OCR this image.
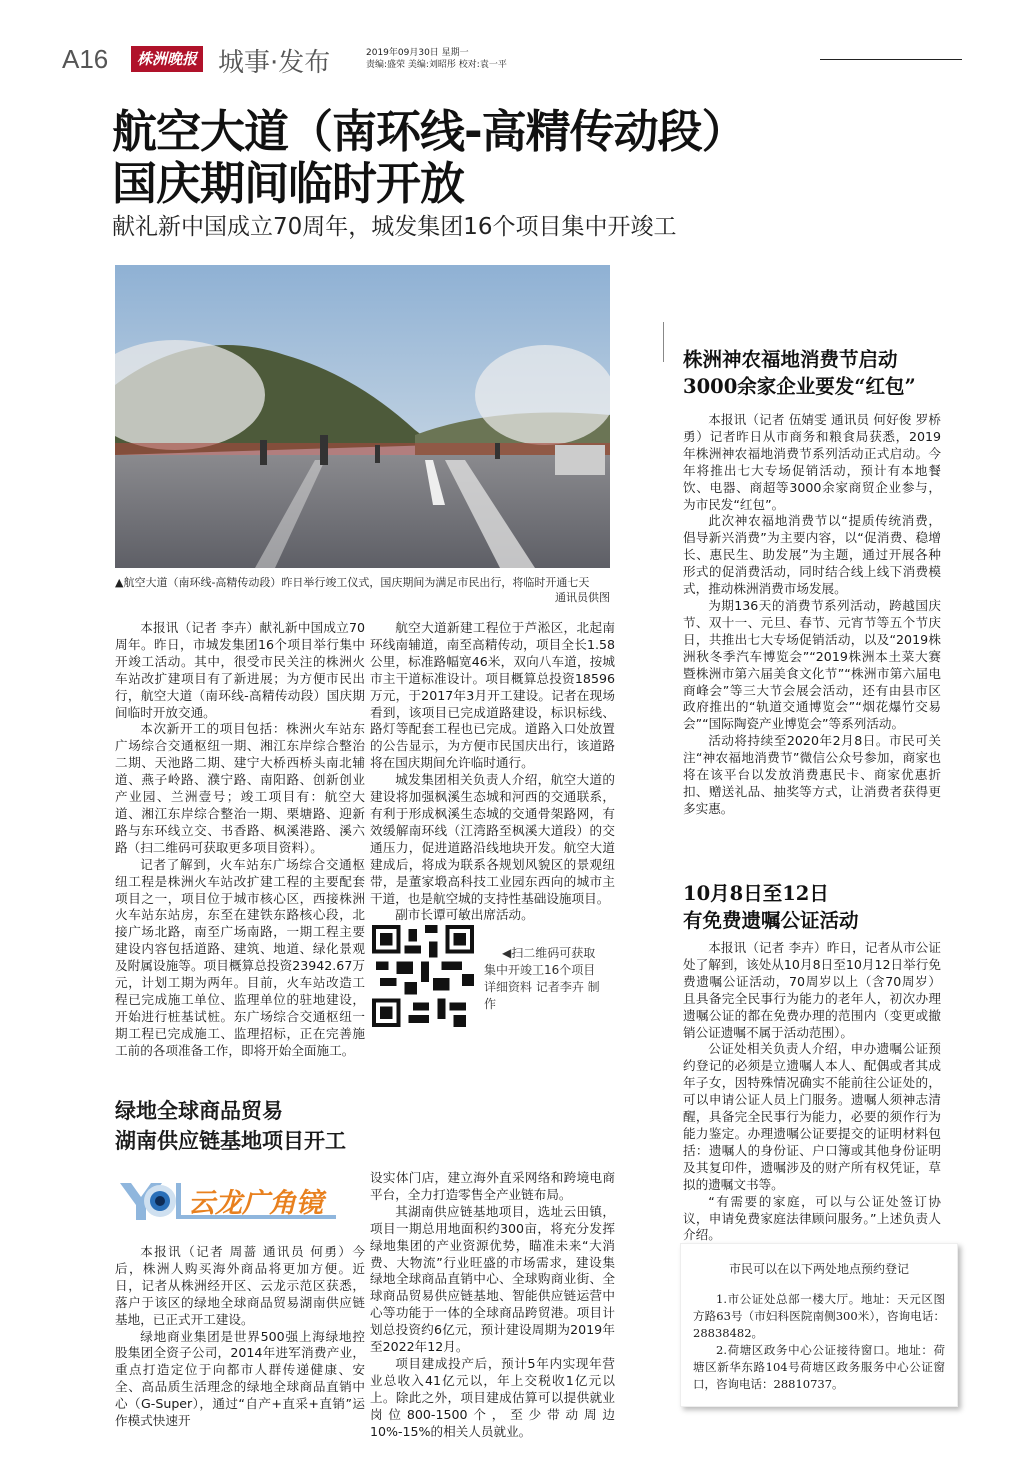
A16	株洲晚报 城事·发布	2019年09月30日 星期一
责编:盛荣 美编:刘昭彤 校对:袁一平
航空大道（南环线-高精传动段）
国庆期间临时开放
献礼新中国成立70周年，城发集团16个项目集中开竣工
▲航空大道（南环线-高精传动段）昨日举行竣工仪式，国庆期间为满足市民出行，将临时开通七天
通讯员供图

本报讯（记者 李卉）献礼新中国成立70周年。昨日，市城发集团16个项目举行集中开竣工活动。其中，很受市民关注的株洲火车站改扩建项目有了新进展；为方便市民出行，航空大道（南环线-高精传动段）国庆期间临时开放交通。

本次新开工的项目包括：株洲火车站东广场综合交通枢纽一期、湘江东岸综合整治二期、天池路二期、建宁大桥西桥头南北辅道、燕子岭路、濮宁路、南阳路、创新创业产业园、兰洲壹号；竣工项目有：航空大道、湘江东岸综合整治一期、栗塘路、迎新路与东环线立交、书香路、枫溪港路、溪六路（扫二维码可获取更多项目资料）。

记者了解到，火车站东广场综合交通枢纽工程是株洲火车站改扩建工程的主要配套项目之一，项目位于城市核心区，西接株洲火车站东站房，东至在建铁东路核心段，北接广场北路，南至广场南路，一期工程主要建设内容包括道路、建筑、地道、绿化景观及附属设施等。项目概算总投资23942.67万元，计划工期为两年。目前，火车站改造工程已完成施工单位、监理单位的驻地建设，开始进行桩基试桩。东广场综合交通枢纽一期工程已完成施工、监理招标，正在完善施工前的各项准备工作，即将开始全面施工。

航空大道新建工程位于芦淞区，北起南环线南辅道，南至高精传动，项目全长1.58公里，标准路幅宽46米，双向八车道，按城市主干道标准设计。项目概算总投资18596万元，于2017年3月开工建设。记者在现场看到，该项目已完成道路建设，标识标线、路灯等配套工程也已完成。道路入口处放置的公告显示，为方便市民国庆出行，该道路将在国庆期间允许临时通行。

城发集团相关负责人介绍，航空大道的建设将加强枫溪生态城和河西的交通联系，有利于形成枫溪生态城的交通骨架路网，有效缓解南环线（江湾路至枫溪大道段）的交通压力，促进道路沿线地块开发。航空大道建成后，将成为联系各规划风貌区的景观纽带，是董家塅高科技工业园东西向的城市主干道，也是航空城的支持性基础设施项目。

副市长谭可敏出席活动。

◀扫二维码可获取集中开竣工16个项目详细资料 记者李卉 制作
株洲神农福地消费节启动
3000余家企业要发“红包”

本报讯（记者 伍婧雯 通讯员 何好俊 罗桥勇）记者昨日从市商务和粮食局获悉，2019年株洲神农福地消费节系列活动正式启动。今年将推出七大专场促销活动，预计有本地餐饮、电器、商超等3000余家商贸企业参与，为市民发“红包”。

此次神农福地消费节以“提质传统消费，倡导新兴消费”为主要内容，以“促消费、稳增长、惠民生、助发展”为主题，通过开展各种形式的促消费活动，同时结合线上线下消费模式，推动株洲消费市场发展。

为期136天的消费节系列活动，跨越国庆节、双十一、元旦、春节、元宵节等五个节庆日，共推出七大专场促销活动，以及“2019株洲秋冬季汽车博览会”“2019株洲本土菜大赛暨株洲市第六届美食文化节”“株洲市第六届电商峰会”等三大节会展会活动，还有由县市区政府推出的“轨道交通博览会”“烟花爆竹交易会”“国际陶瓷产业博览会”等系列活动。

活动将持续至2020年2月8日。市民可关注“神农福地消费节”微信公众号参加，商家也将在该平台以发放消费惠民卡、商家优惠折扣、赠送礼品、抽奖等方式，让消费者获得更多实惠。

10月8日至12日
有免费遗嘱公证活动

本报讯（记者 李卉）昨日，记者从市公证处了解到，该处从10月8日至10月12日举行免费遗嘱公证活动，70周岁以上（含70周岁）且具备完全民事行为能力的老年人，初次办理遗嘱公证的都在免费办理的范围内（变更或撤销公证遗嘱不属于活动范围）。

公证处相关负责人介绍，申办遗嘱公证预约登记的必须是立遗嘱人本人、配偶或者其成年子女，因特殊情况确实不能前往公证处的，可以申请公证人员上门服务。遗嘱人须神志清醒，具备完全民事行为能力，必要的须作行为能力鉴定。办理遗嘱公证要提交的证明材料包括：遗嘱人的身份证、户口簿或其他身份证明及其复印件，遗嘱涉及的财产所有权凭证，草拟的遗嘱文书等。

“有需要的家庭，可以与公证处签订协议，申请免费家庭法律顾问服务。”上述负责人介绍。

市民可以在以下两处地点预约登记

1.市公证处总部一楼大厅。地址：天元区图方路63号（市妇科医院南侧300米），咨询电话：28838482。

2.荷塘区政务中心公证接待窗口。地址：荷塘区新华东路104号荷塘区政务服务中心公证窗口，咨询电话：28810737。

绿地全球商品贸易
湖南供应链基地项目开工
云龙广角镜

本报讯（记者 周蔷 通讯员 何勇）今后，株洲人购买海外商品将更加方便。近日，记者从株洲经开区、云龙示范区获悉，落户于该区的绿地全球商品贸易湖南供应链基地，已正式开工建设。

绿地商业集团是世界500强上海绿地控股集团全资子公司，2014年进军消费产业，重点打造定位于向都市人群传递健康、安全、高品质生活理念的绿地全球商品直销中心（G-Super），通过“自产+直采+直销”运作模式快速开

设实体门店，建立海外直采网络和跨境电商平台，全力打造零售全产业链布局。

其湖南供应链基地项目，选址云田镇，项目一期总用地面积约300亩，将充分发挥绿地集团的产业资源优势，瞄准未来“大消费、大物流”行业旺盛的市场需求，建设集绿地全球商品直销中心、全球购商业街、全球商品贸易供应链基地、智能供应链运营中心等功能于一体的全球商品跨贸港。项目计划总投资约6亿元，预计建设周期为2019年至2022年12月。

项目建成投产后，预计5年内实现年营业总收入41亿元以，年上交税收1亿元以上。除此之外，项目建成估算可以提供就业岗位800-1500个，至少带动周边10%-15%的相关人员就业。
